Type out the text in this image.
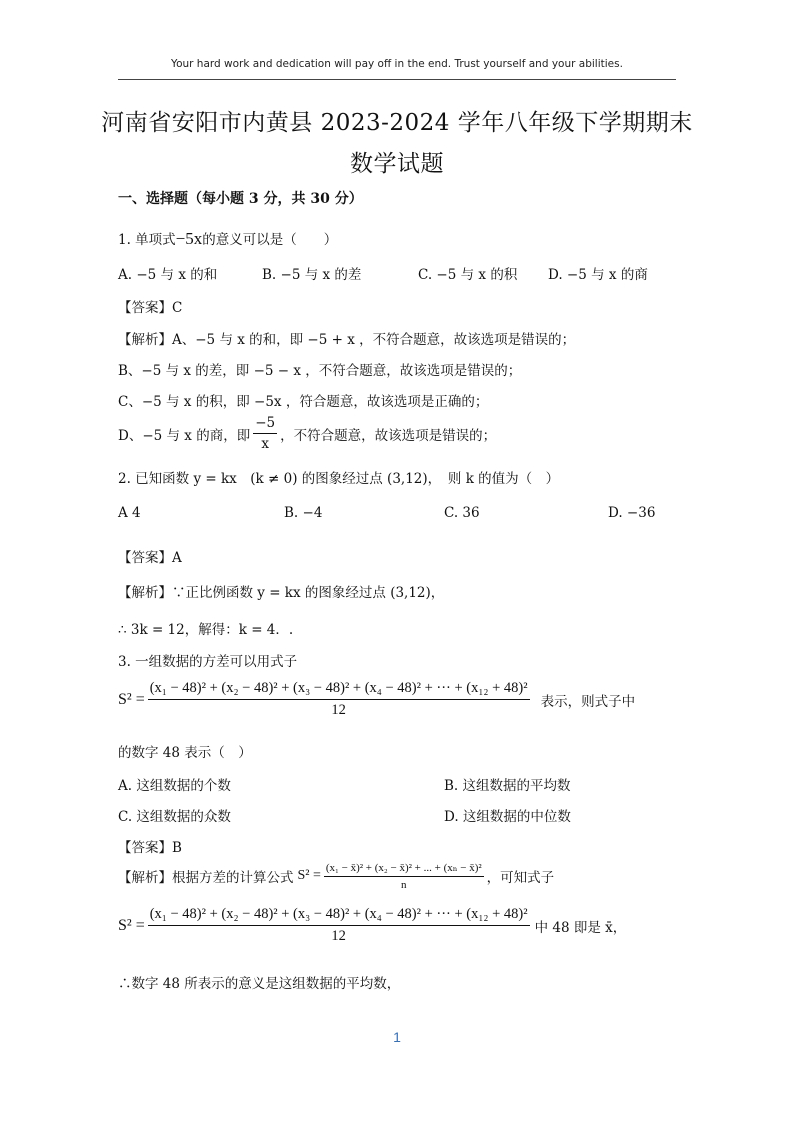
Your hard work and dedication will pay off in the end. Trust yourself and your abilities.
河南省安阳市内黄县 2023-2024 学年八年级下学期期末
数学试题
一、选择题（每小题 3 分，共 30 分）
1. 单项式−5x的意义可以是（　　）
A. −5 与 x 的和	B. −5 与 x 的差	C. −5 与 x 的积 D. −5 与 x 的商
【答案】C
【解析】A、−5 与 x 的和，即 −5 + x ，不符合题意，故该选项是错误的；
B、−5 与 x 的差，即 −5 − x ，不符合题意，故该选项是错误的；
C、−5 与 x 的积，即 −5x ，符合题意，故该选项是正确的；
D、−5 与 x 的商，即 $\frac{-5}{x}$ ，不符合题意，故该选项是错误的；
2. 已知函数 y = kx　(k ≠ 0) 的图象经过点 (3,12)，　则 k 的值为（　）
A 4	B. −4	C. 36	D. −36
【答案】A
【解析】∵正比例函数 y = kx 的图象经过点 (3,12)，
∴ 3k = 12，解得：k = 4．.
3. 一组数据的方差可以用式子
S² =
(x₁ − 48)² + (x₂ − 48)² + (x₃ − 48)² + (x₄ − 48)² + ··· + (x₁₂ + 48)²
12
表示，则式子中
的数字 48 表示（　）
A. 这组数据的个数	B. 这组数据的平均数
C. 这组数据的众数	D. 这组数据的中位数
【答案】B
【解析】根据方差的计算公式 $S^2 = \frac{\text{(x₁ − x̄)² + (x₂ − x̄)² + ... + (xₙ − x̄)²}}{n}$ ，可知式子
S² =
(x₁ − 48)² + (x₂ − 48)² + (x₃ − 48)² + (x₄ − 48)² + ··· + (x₁₂ + 48)²
12
中 48 即是 x̄，
∴数字 48 所表示的意义是这组数据的平均数，
1
